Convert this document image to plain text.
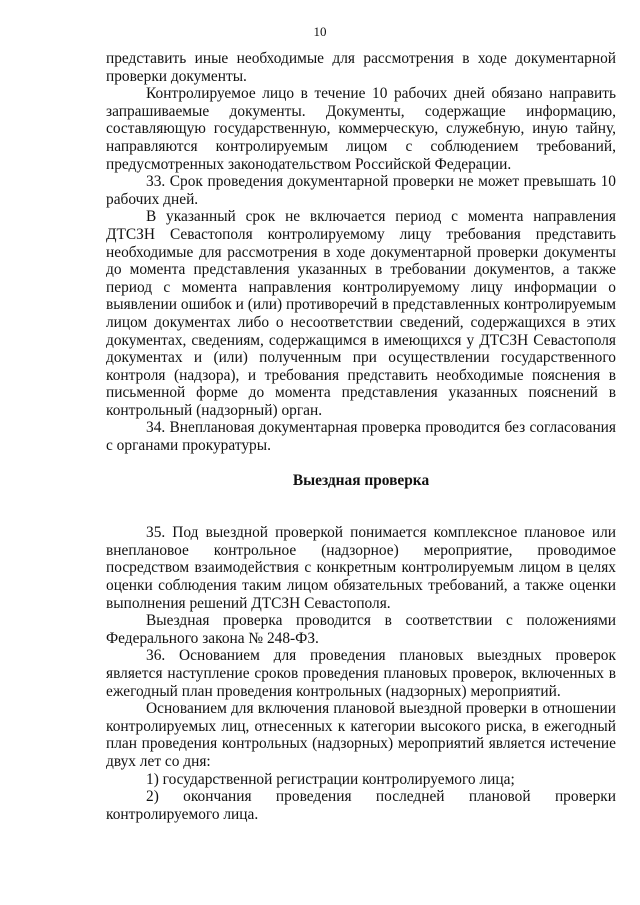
10

представить иные необходимые для рассмотрения в ходе документарной проверки документы.

Контролируемое лицо в течение 10 рабочих дней обязано направить запрашиваемые документы. Документы, содержащие информацию, составляющую государственную, коммерческую, служебную, иную тайну, направляются контролируемым лицом с соблюдением требований, предусмотренных законодательством Российской Федерации.

33. Срок проведения документарной проверки не может превышать 10 рабочих дней.

В указанный срок не включается период с момента направления ДТСЗН Севастополя контролируемому лицу требования представить необходимые для рассмотрения в ходе документарной проверки документы до момента представления указанных в требовании документов, а также период с момента направления контролируемому лицу информации о выявлении ошибок и (или) противоречий в представленных контролируемым лицом документах либо о несоответствии сведений, содержащихся в этих документах, сведениям, содержащимся в имеющихся у ДТСЗН Севастополя документах и (или) полученным при осуществлении государственного контроля (надзора), и требования представить необходимые пояснения в письменной форме до момента представления указанных пояснений в контрольный (надзорный) орган.

34. Внеплановая документарная проверка проводится без согласования с органами прокуратуры.

Выездная проверка

35. Под выездной проверкой понимается комплексное плановое или внеплановое контрольное (надзорное) мероприятие, проводимое посредством взаимодействия с конкретным контролируемым лицом в целях оценки соблюдения таким лицом обязательных требований, а также оценки выполнения решений ДТСЗН Севастополя.

Выездная проверка проводится в соответствии с положениями Федерального закона № 248-ФЗ.

36. Основанием для проведения плановых выездных проверок является наступление сроков проведения плановых проверок, включенных в ежегодный план проведения контрольных (надзорных) мероприятий.

Основанием для включения плановой выездной проверки в отношении контролируемых лиц, отнесенных к категории высокого риска, в ежегодный план проведения контрольных (надзорных) мероприятий является истечение двух лет со дня:

1) государственной регистрации контролируемого лица;

2) окончания проведения последней плановой проверки контролируемого лица.
